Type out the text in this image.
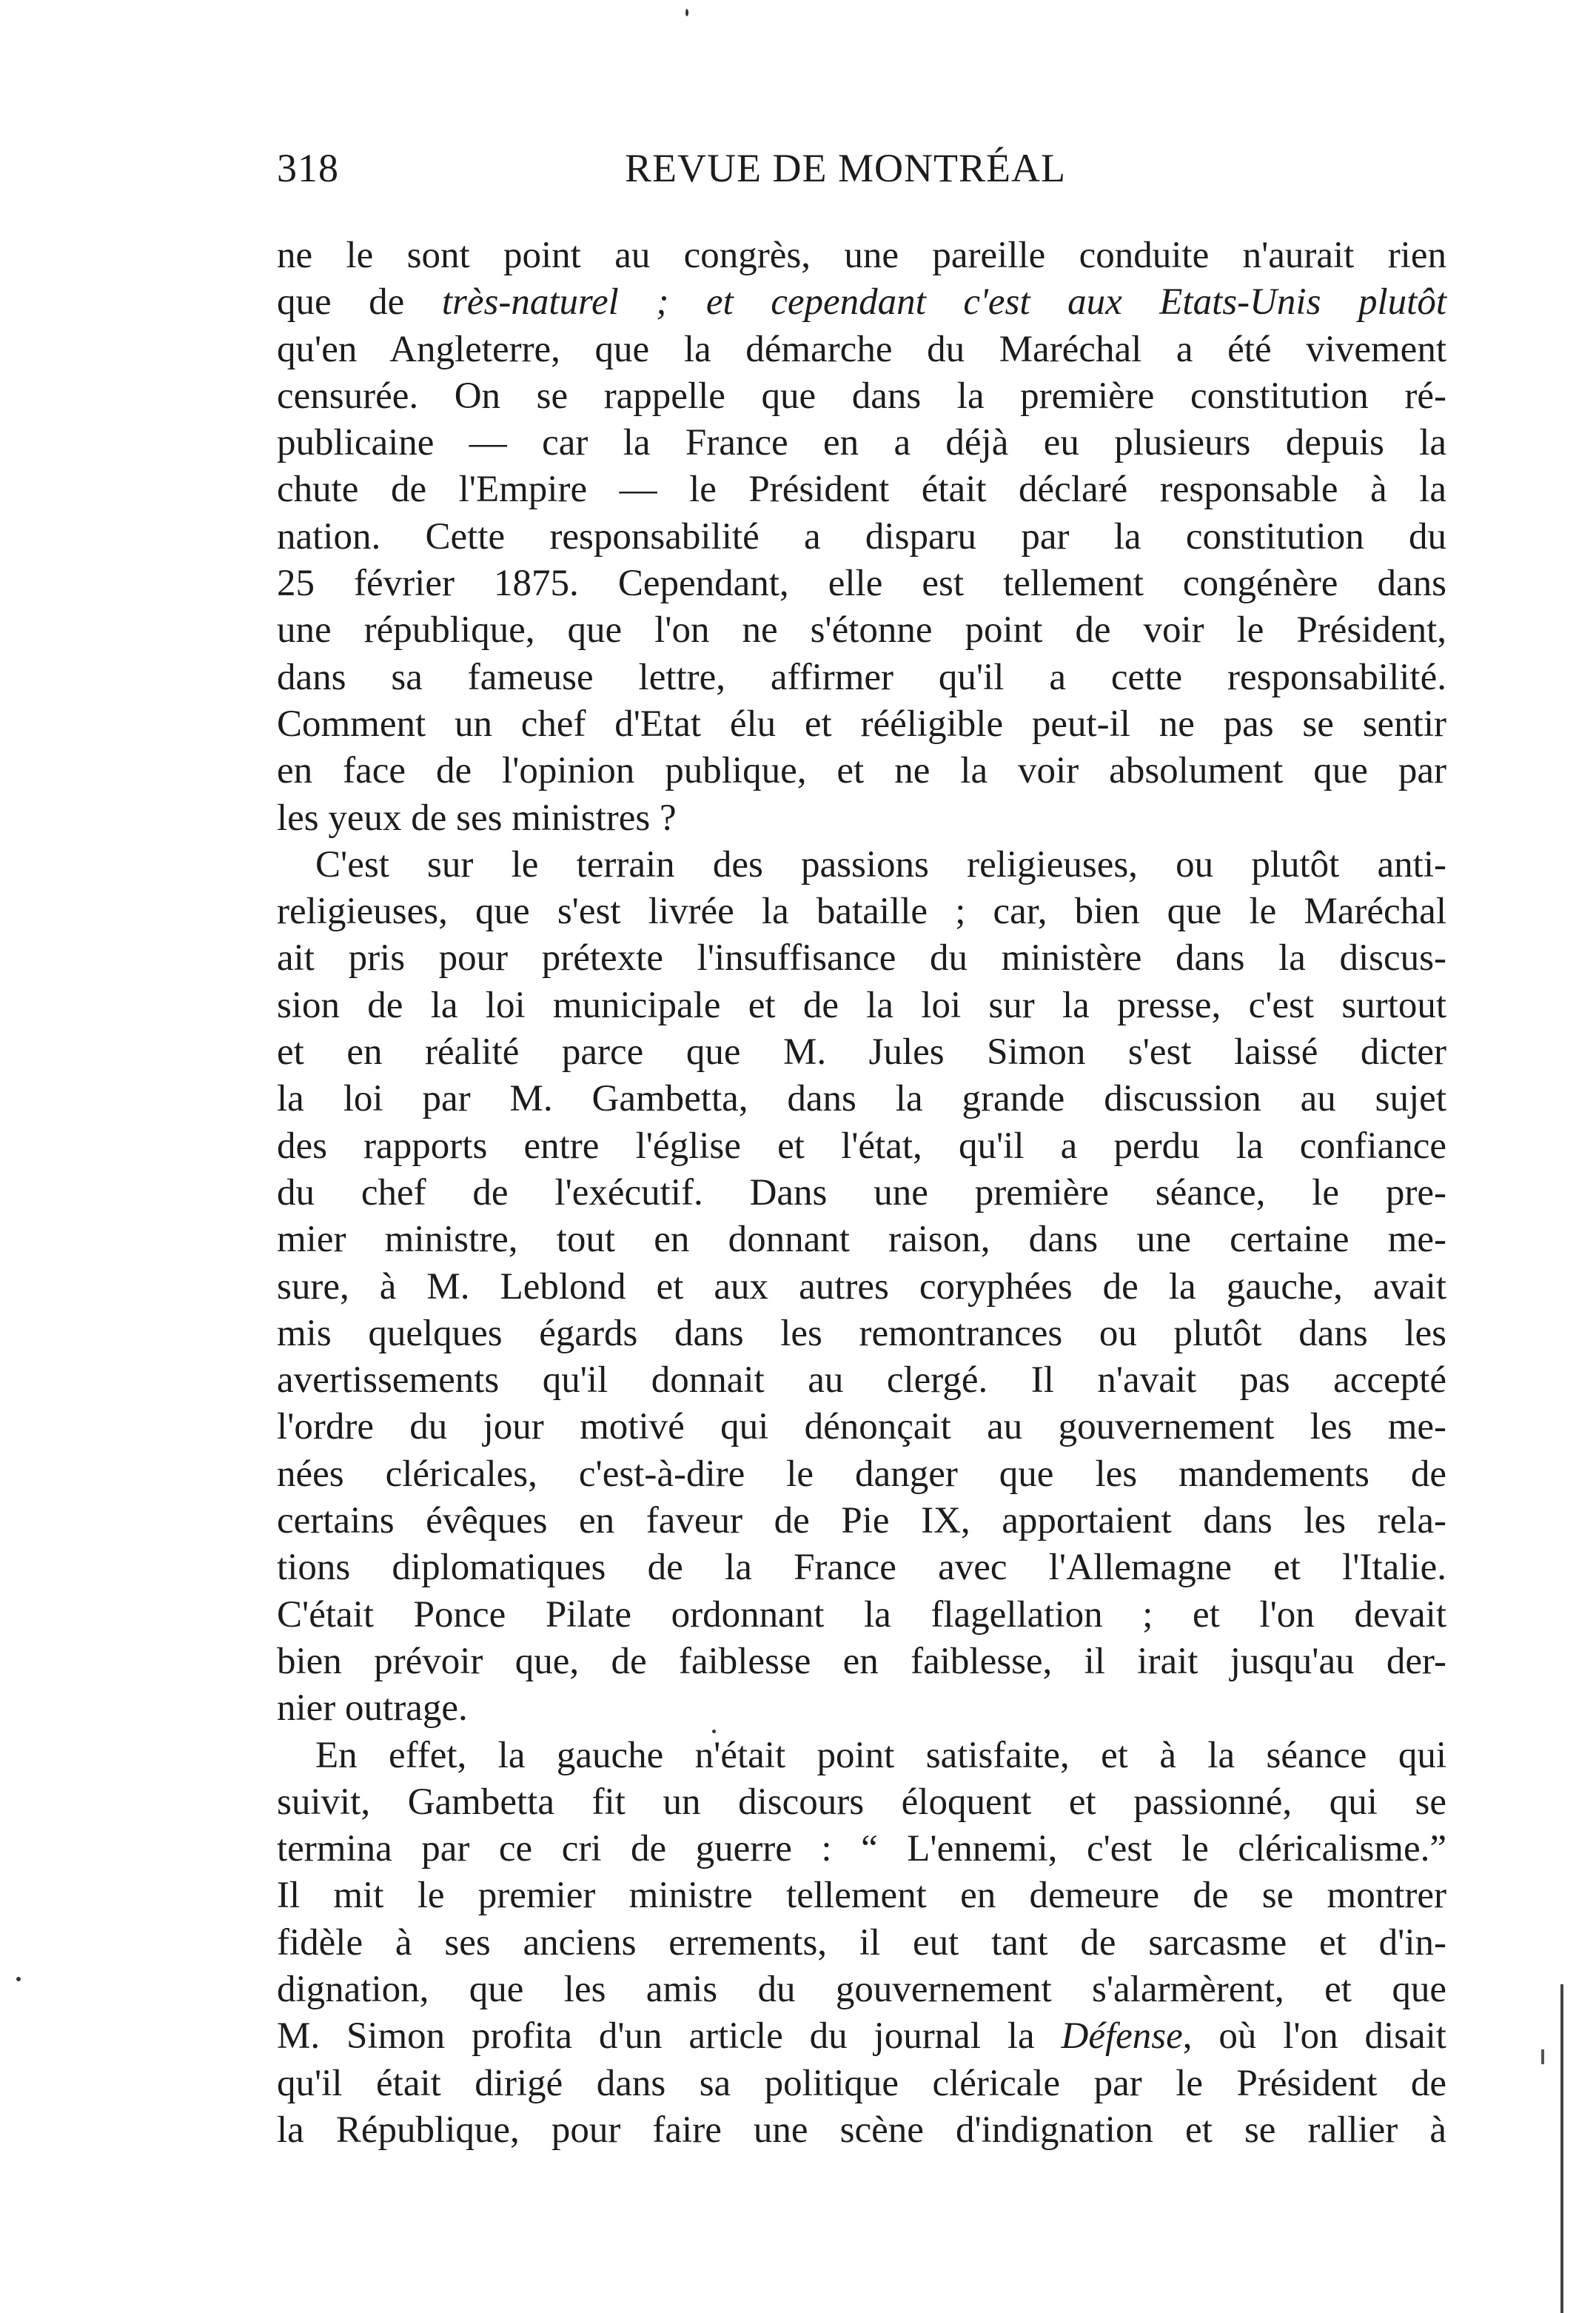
318	REVUE DE MONTRÉAL
ne le sont point au congrès, une pareille conduite n'aurait rien
que de très-naturel ; et cependant c'est aux Etats-Unis plutôt
qu'en Angleterre, que la démarche du Maréchal a été vivement
censurée. On se rappelle que dans la première constitution ré-
publicaine — car la France en a déjà eu plusieurs depuis la
chute de l'Empire — le Président était déclaré responsable à la
nation. Cette responsabilité a disparu par la constitution du
25 février 1875. Cependant, elle est tellement congénère dans
une république, que l'on ne s'étonne point de voir le Président,
dans sa fameuse lettre, affirmer qu'il a cette responsabilité.
Comment un chef d'Etat élu et rééligible peut-il ne pas se sentir
en face de l'opinion publique, et ne la voir absolument que par
les yeux de ses ministres ?
C'est sur le terrain des passions religieuses, ou plutôt anti-
religieuses, que s'est livrée la bataille ; car, bien que le Maréchal
ait pris pour prétexte l'insuffisance du ministère dans la discus-
sion de la loi municipale et de la loi sur la presse, c'est surtout
et en réalité parce que M. Jules Simon s'est laissé dicter
la loi par M. Gambetta, dans la grande discussion au sujet
des rapports entre l'église et l'état, qu'il a perdu la confiance
du chef de l'exécutif. Dans une première séance, le pre-
mier ministre, tout en donnant raison, dans une certaine me-
sure, à M. Leblond et aux autres coryphées de la gauche, avait
mis quelques égards dans les remontrances ou plutôt dans les
avertissements qu'il donnait au clergé. Il n'avait pas accepté
l'ordre du jour motivé qui dénonçait au gouvernement les me-
nées cléricales, c'est-à-dire le danger que les mandements de
certains évêques en faveur de Pie IX, apportaient dans les rela-
tions diplomatiques de la France avec l'Allemagne et l'Italie.
C'était Ponce Pilate ordonnant la flagellation ; et l'on devait
bien prévoir que, de faiblesse en faiblesse, il irait jusqu'au der-
nier outrage.
En effet, la gauche n'était point satisfaite, et à la séance qui
suivit, Gambetta fit un discours éloquent et passionné, qui se
termina par ce cri de guerre : “ L'ennemi, c'est le cléricalisme.”
Il mit le premier ministre tellement en demeure de se montrer
fidèle à ses anciens errements, il eut tant de sarcasme et d'in-
dignation, que les amis du gouvernement s'alarmèrent, et que
M. Simon profita d'un article du journal la Défense, où l'on disait
qu'il était dirigé dans sa politique cléricale par le Président de
la République, pour faire une scène d'indignation et se rallier à
